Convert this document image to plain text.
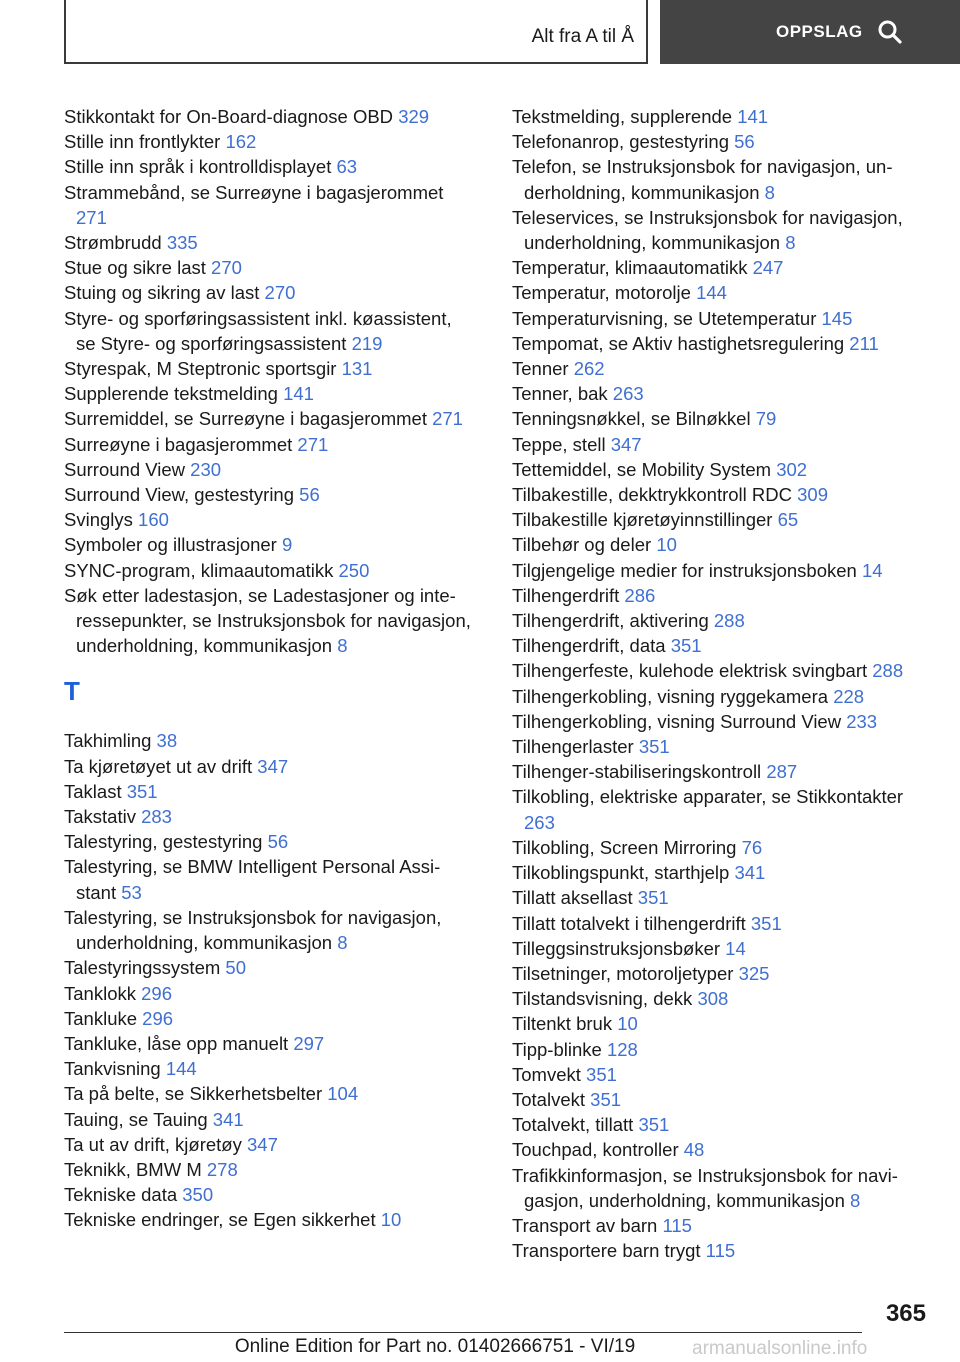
Alt fra A til Å	OPPSLAG
Stikkontakt for On-Board-diagnose OBD 329
Stille inn frontlykter 162
Stille inn språk i kontrolldisplayet 63
Strammebånd, se Surreøyne i bagasjerommet 271
Strømbrudd 335
Stue og sikre last 270
Stuing og sikring av last 270
Styre- og sporføringsassistent inkl. køassistent, se Styre- og sporføringsassistent 219
Styrespak, M Steptronic sportsgir 131
Supplerende tekstmelding 141
Surremiddel, se Surreøyne i bagasjerommet 271
Surreøyne i bagasjerommet 271
Surround View 230
Surround View, gestestyring 56
Svinglys 160
Symboler og illustrasjoner 9
SYNC-program, klimaautomatikk 250
Søk etter ladestasjon, se Ladestasjoner og interessepunkter, se Instruksjonsbok for navigasjon, underholdning, kommunikasjon 8
T
Takhimling 38
Ta kjøretøyet ut av drift 347
Taklast 351
Takstativ 283
Talestyring, gestestyring 56
Talestyring, se BMW Intelligent Personal Assistant 53
Talestyring, se Instruksjonsbok for navigasjon, underholdning, kommunikasjon 8
Talestyringssystem 50
Tanklokk 296
Tankluke 296
Tankluke, låse opp manuelt 297
Tankvisning 144
Ta på belte, se Sikkerhetsbelter 104
Tauing, se Tauing 341
Ta ut av drift, kjøretøy 347
Teknikk, BMW M 278
Tekniske data 350
Tekniske endringer, se Egen sikkerhet 10
Tekstmelding, supplerende 141
Telefonanrop, gestestyring 56
Telefon, se Instruksjonsbok for navigasjon, underholdning, kommunikasjon 8
Teleservices, se Instruksjonsbok for navigasjon, underholdning, kommunikasjon 8
Temperatur, klimaautomatikk 247
Temperatur, motorolje 144
Temperaturvisning, se Utetemperatur 145
Tempomat, se Aktiv hastighetsregulering 211
Tenner 262
Tenner, bak 263
Tenningsnøkkel, se Bilnøkkel 79
Teppe, stell 347
Tettemiddel, se Mobility System 302
Tilbakestille, dekktrykkontroll RDC 309
Tilbakestille kjøretøyinnstillinger 65
Tilbehør og deler 10
Tilgjengelige medier for instruksjonsboken 14
Tilhengerdrift 286
Tilhengerdrift, aktivering 288
Tilhengerdrift, data 351
Tilhengerfeste, kulehode elektrisk svingbart 288
Tilhengerkobling, visning ryggekamera 228
Tilhengerkobling, visning Surround View 233
Tilhengerlaster 351
Tilhenger-stabiliseringskontroll 287
Tilkobling, elektriske apparater, se Stikkontakter 263
Tilkobling, Screen Mirroring 76
Tilkoblingspunkt, starthjelp 341
Tillatt aksellast 351
Tillatt totalvekt i tilhengerdrift 351
Tilleggsinstruksjonsbøker 14
Tilsetninger, motoroljetyper 325
Tilstandsvisning, dekk 308
Tiltenkt bruk 10
Tipp-blinke 128
Tomvekt 351
Totalvekt 351
Totalvekt, tillatt 351
Touchpad, kontroller 48
Trafikkinformasjon, se Instruksjonsbok for navigasjon, underholdning, kommunikasjon 8
Transport av barn 115
Transportere barn trygt 115
365
Online Edition for Part no. 01402666751 - VI/19	armanualsonline.info
